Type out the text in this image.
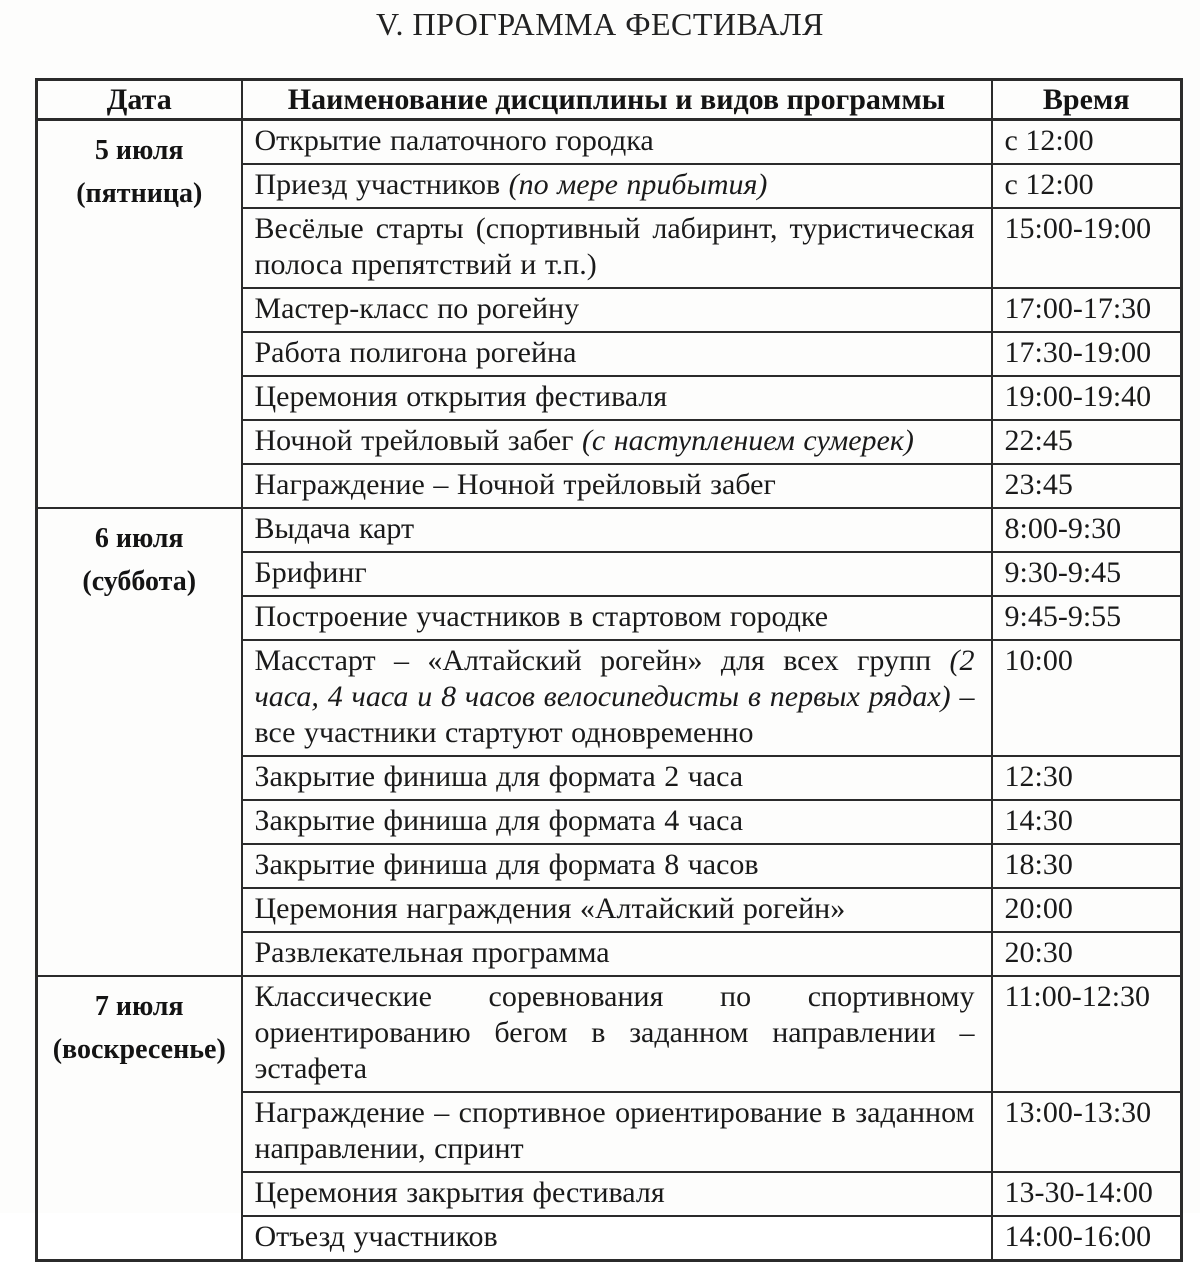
V. ПРОГРАММА ФЕСТИВАЛЯ
Дата	Наименование дисциплины и видов программы	Время

5 июля
(пятница)	Открытие палаточного городка	с 12:00
	Приезд участников (по мере прибытия)	с 12:00
	Весёлые старты (спортивный лабиринт, туристическая полоса препятствий и т.п.)	15:00-19:00
	Мастер-класс по рогейну	17:00-17:30
	Работа полигона рогейна	17:30-19:00
	Церемония открытия фестиваля	19:00-19:40
	Ночной трейловый забег (с наступлением сумерек)	22:45
	Награждение – Ночной трейловый забег	23:45

6 июля
(суббота)	Выдача карт	8:00-9:30
	Брифинг	9:30-9:45
	Построение участников в стартовом городке	9:45-9:55
	Масстарт – «Алтайский рогейн» для всех групп (2 часа, 4 часа и 8 часов велосипедисты в первых рядах) – все участники стартуют одновременно	10:00
	Закрытие финиша для формата 2 часа	12:30
	Закрытие финиша для формата 4 часа	14:30
	Закрытие финиша для формата 8 часов	18:30
	Церемония награждения «Алтайский рогейн»	20:00
	Развлекательная программа	20:30

7 июля
(воскресенье)	Классические соревнования по спортивному ориентированию бегом в заданном направлении – эстафета	11:00-12:30
	Награждение – спортивное ориентирование в заданном направлении, спринт	13:00-13:30
	Церемония закрытия фестиваля	13-30-14:00
	Отъезд участников	14:00-16:00
